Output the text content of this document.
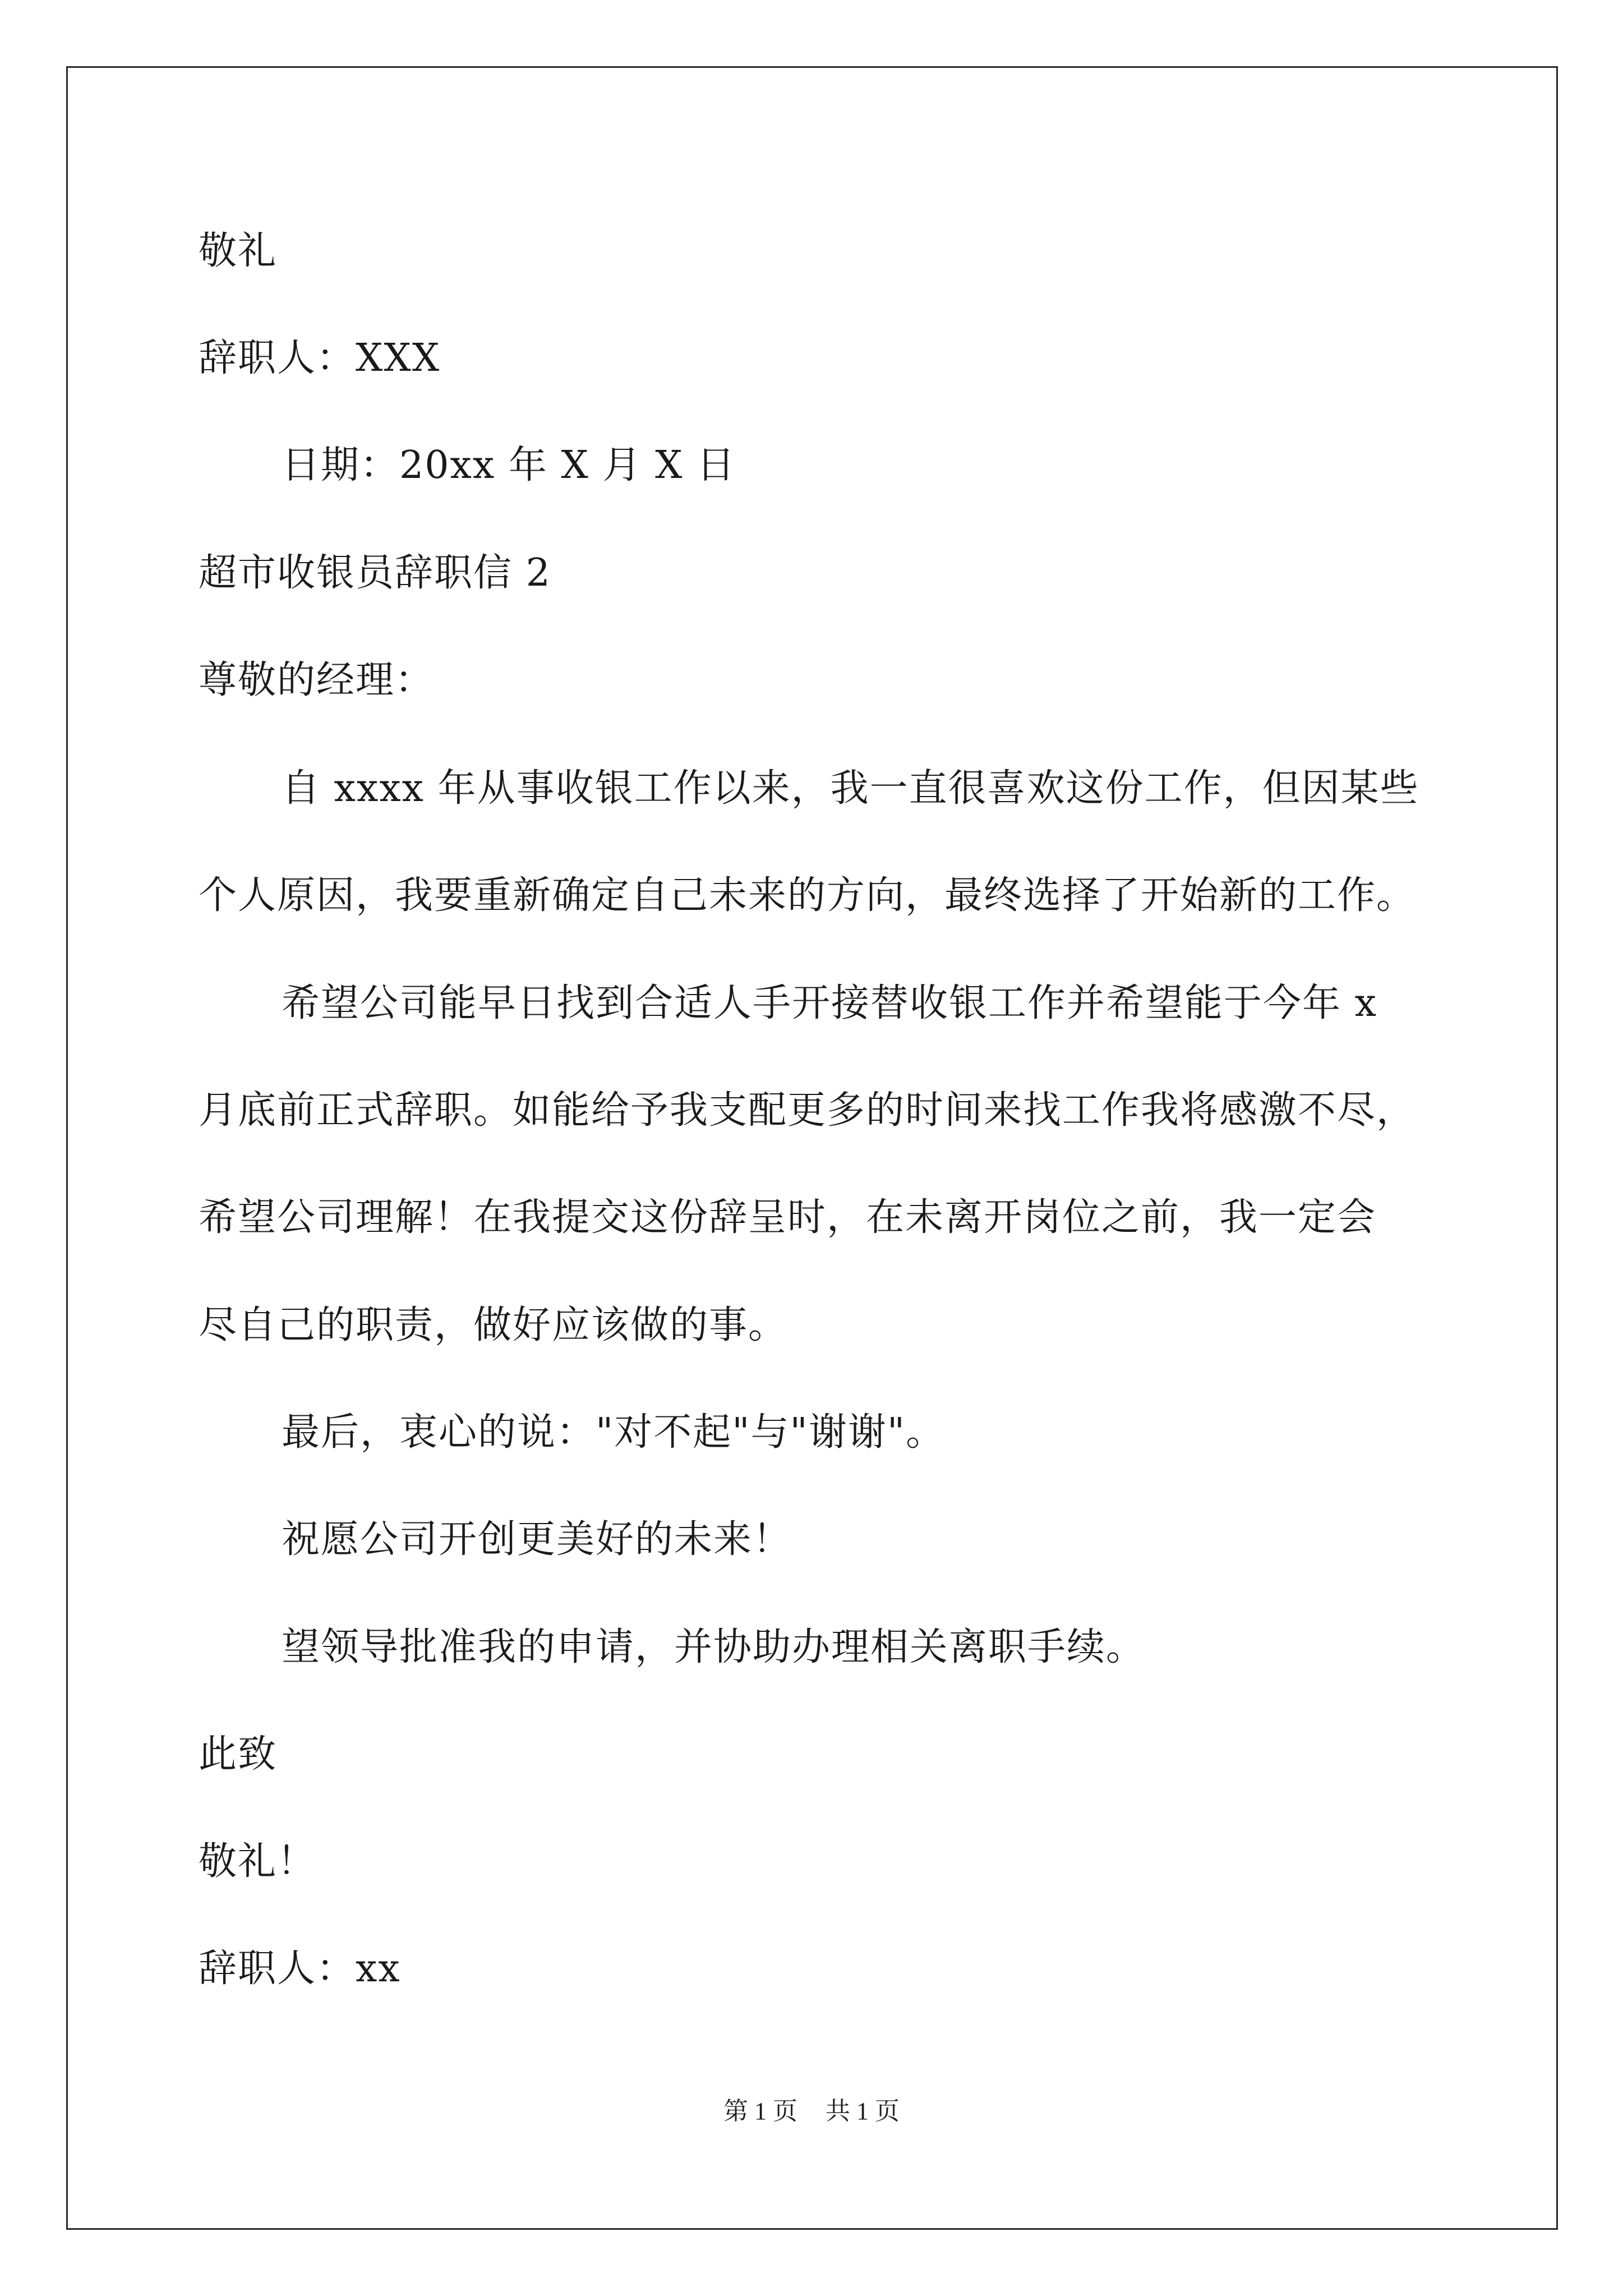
敬礼

辞职人：XXX

日期：20xx 年 X 月 X 日

超市收银员辞职信 2

尊敬的经理：

自 xxxx 年从事收银工作以来，我一直很喜欢这份工作，但因某些

个人原因，我要重新确定自己未来的方向，最终选择了开始新的工作。

希望公司能早日找到合适人手开接替收银工作并希望能于今年 x

月底前正式辞职。如能给予我支配更多的时间来找工作我将感激不尽，

希望公司理解！在我提交这份辞呈时，在未离开岗位之前，我一定会

尽自己的职责，做好应该做的事。

最后，衷心的说："对不起"与"谢谢"。

祝愿公司开创更美好的未来！

望领导批准我的申请，并协助办理相关离职手续。

此致

敬礼！

辞职人：xx

第 1 页 共 1 页
